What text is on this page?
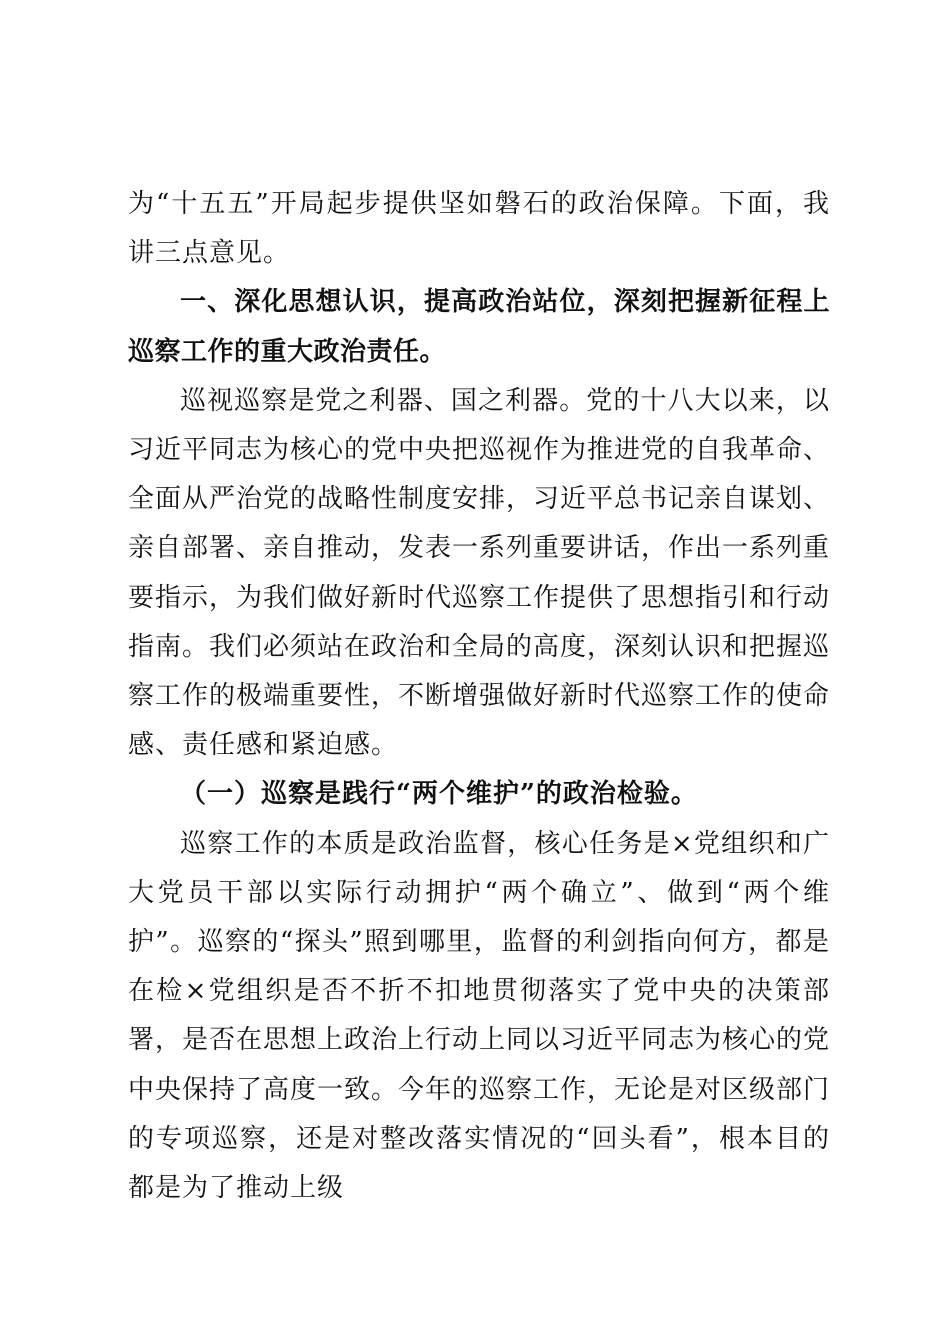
为“十五五”开局起步提供坚如磐石的政治保障。下面，我讲三点意见。

一、深化思想认识，提高政治站位，深刻把握新征程上巡察工作的重大政治责任。

巡视巡察是党之利器、国之利器。党的十八大以来，以习近平同志为核心的党中央把巡视作为推进党的自我革命、全面从严治党的战略性制度安排，习近平总书记亲自谋划、亲自部署、亲自推动，发表一系列重要讲话，作出一系列重要指示，为我们做好新时代巡察工作提供了思想指引和行动指南。我们必须站在政治和全局的高度，深刻认识和把握巡察工作的极端重要性，不断增强做好新时代巡察工作的使命感、责任感和紧迫感。

（一）巡察是践行“两个维护”的政治检验。

巡察工作的本质是政治监督，核心任务是×党组织和广大党员干部以实际行动拥护“两个确立”、做到“两个维护”。巡察的“探头”照到哪里，监督的利剑指向何方，都是在检×党组织是否不折不扣地贯彻落实了党中央的决策部署，是否在思想上政治上行动上同以习近平同志为核心的党中央保持了高度一致。今年的巡察工作，无论是对区级部门的专项巡察，还是对整改落实情况的“回头看”，根本目的都是为了推动上级
